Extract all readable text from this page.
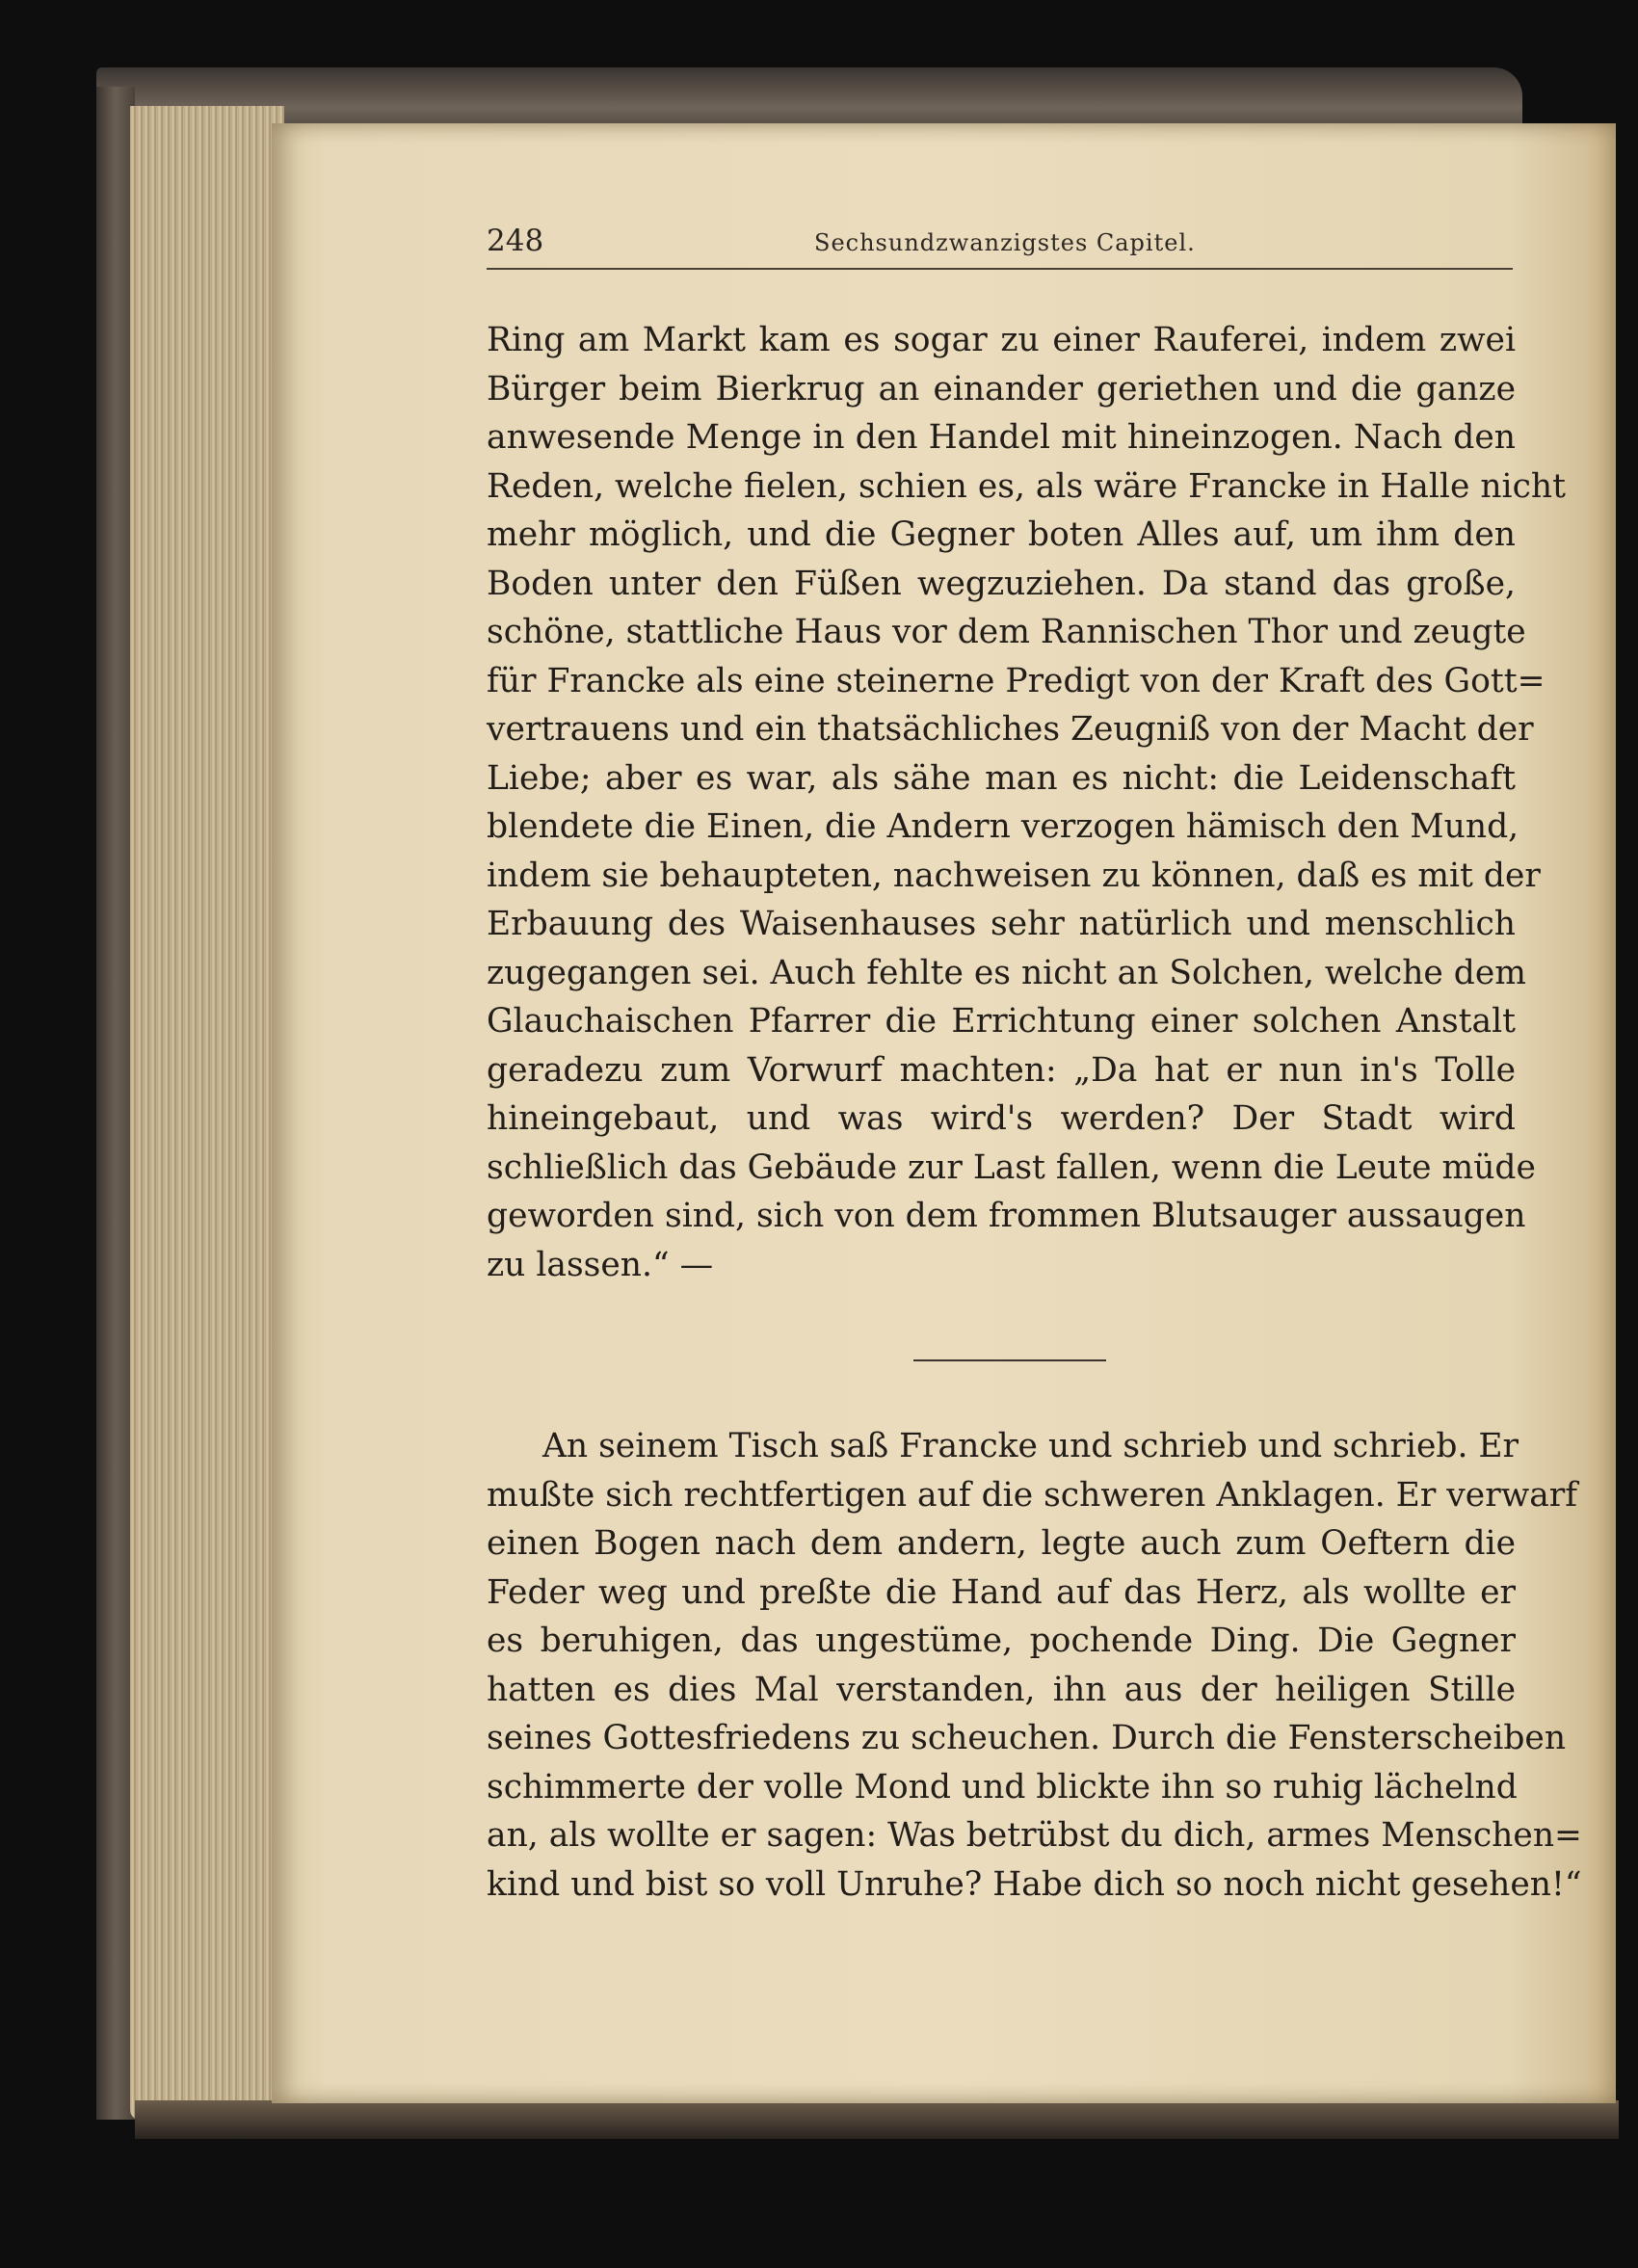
248	Sechsundzwanzigstes Capitel.
Ring am Markt kam es sogar zu einer Rauferei, indem zwei
Bürger beim Bierkrug an einander geriethen und die ganze
anwesende Menge in den Handel mit hineinzogen. Nach den
Reden, welche fielen, schien es, als wäre Francke in Halle nicht
mehr möglich, und die Gegner boten Alles auf, um ihm den
Boden unter den Füßen wegzuziehen. Da stand das große,
schöne, stattliche Haus vor dem Rannischen Thor und zeugte
für Francke als eine steinerne Predigt von der Kraft des Gott=
vertrauens und ein thatsächliches Zeugniß von der Macht der
Liebe; aber es war, als sähe man es nicht: die Leidenschaft
blendete die Einen, die Andern verzogen hämisch den Mund,
indem sie behaupteten, nachweisen zu können, daß es mit der
Erbauung des Waisenhauses sehr natürlich und menschlich
zugegangen sei. Auch fehlte es nicht an Solchen, welche dem
Glauchaischen Pfarrer die Errichtung einer solchen Anstalt
geradezu zum Vorwurf machten: „Da hat er nun in's Tolle
hineingebaut, und was wird's werden? Der Stadt wird
schließlich das Gebäude zur Last fallen, wenn die Leute müde
geworden sind, sich von dem frommen Blutsauger aussaugen
zu lassen.“ —
An seinem Tisch saß Francke und schrieb und schrieb. Er
mußte sich rechtfertigen auf die schweren Anklagen. Er verwarf
einen Bogen nach dem andern, legte auch zum Oeftern die
Feder weg und preßte die Hand auf das Herz, als wollte er
es beruhigen, das ungestüme, pochende Ding. Die Gegner
hatten es dies Mal verstanden, ihn aus der heiligen Stille
seines Gottesfriedens zu scheuchen. Durch die Fensterscheiben
schimmerte der volle Mond und blickte ihn so ruhig lächelnd
an, als wollte er sagen: Was betrübst du dich, armes Menschen=
kind und bist so voll Unruhe? Habe dich so noch nicht gesehen!“
